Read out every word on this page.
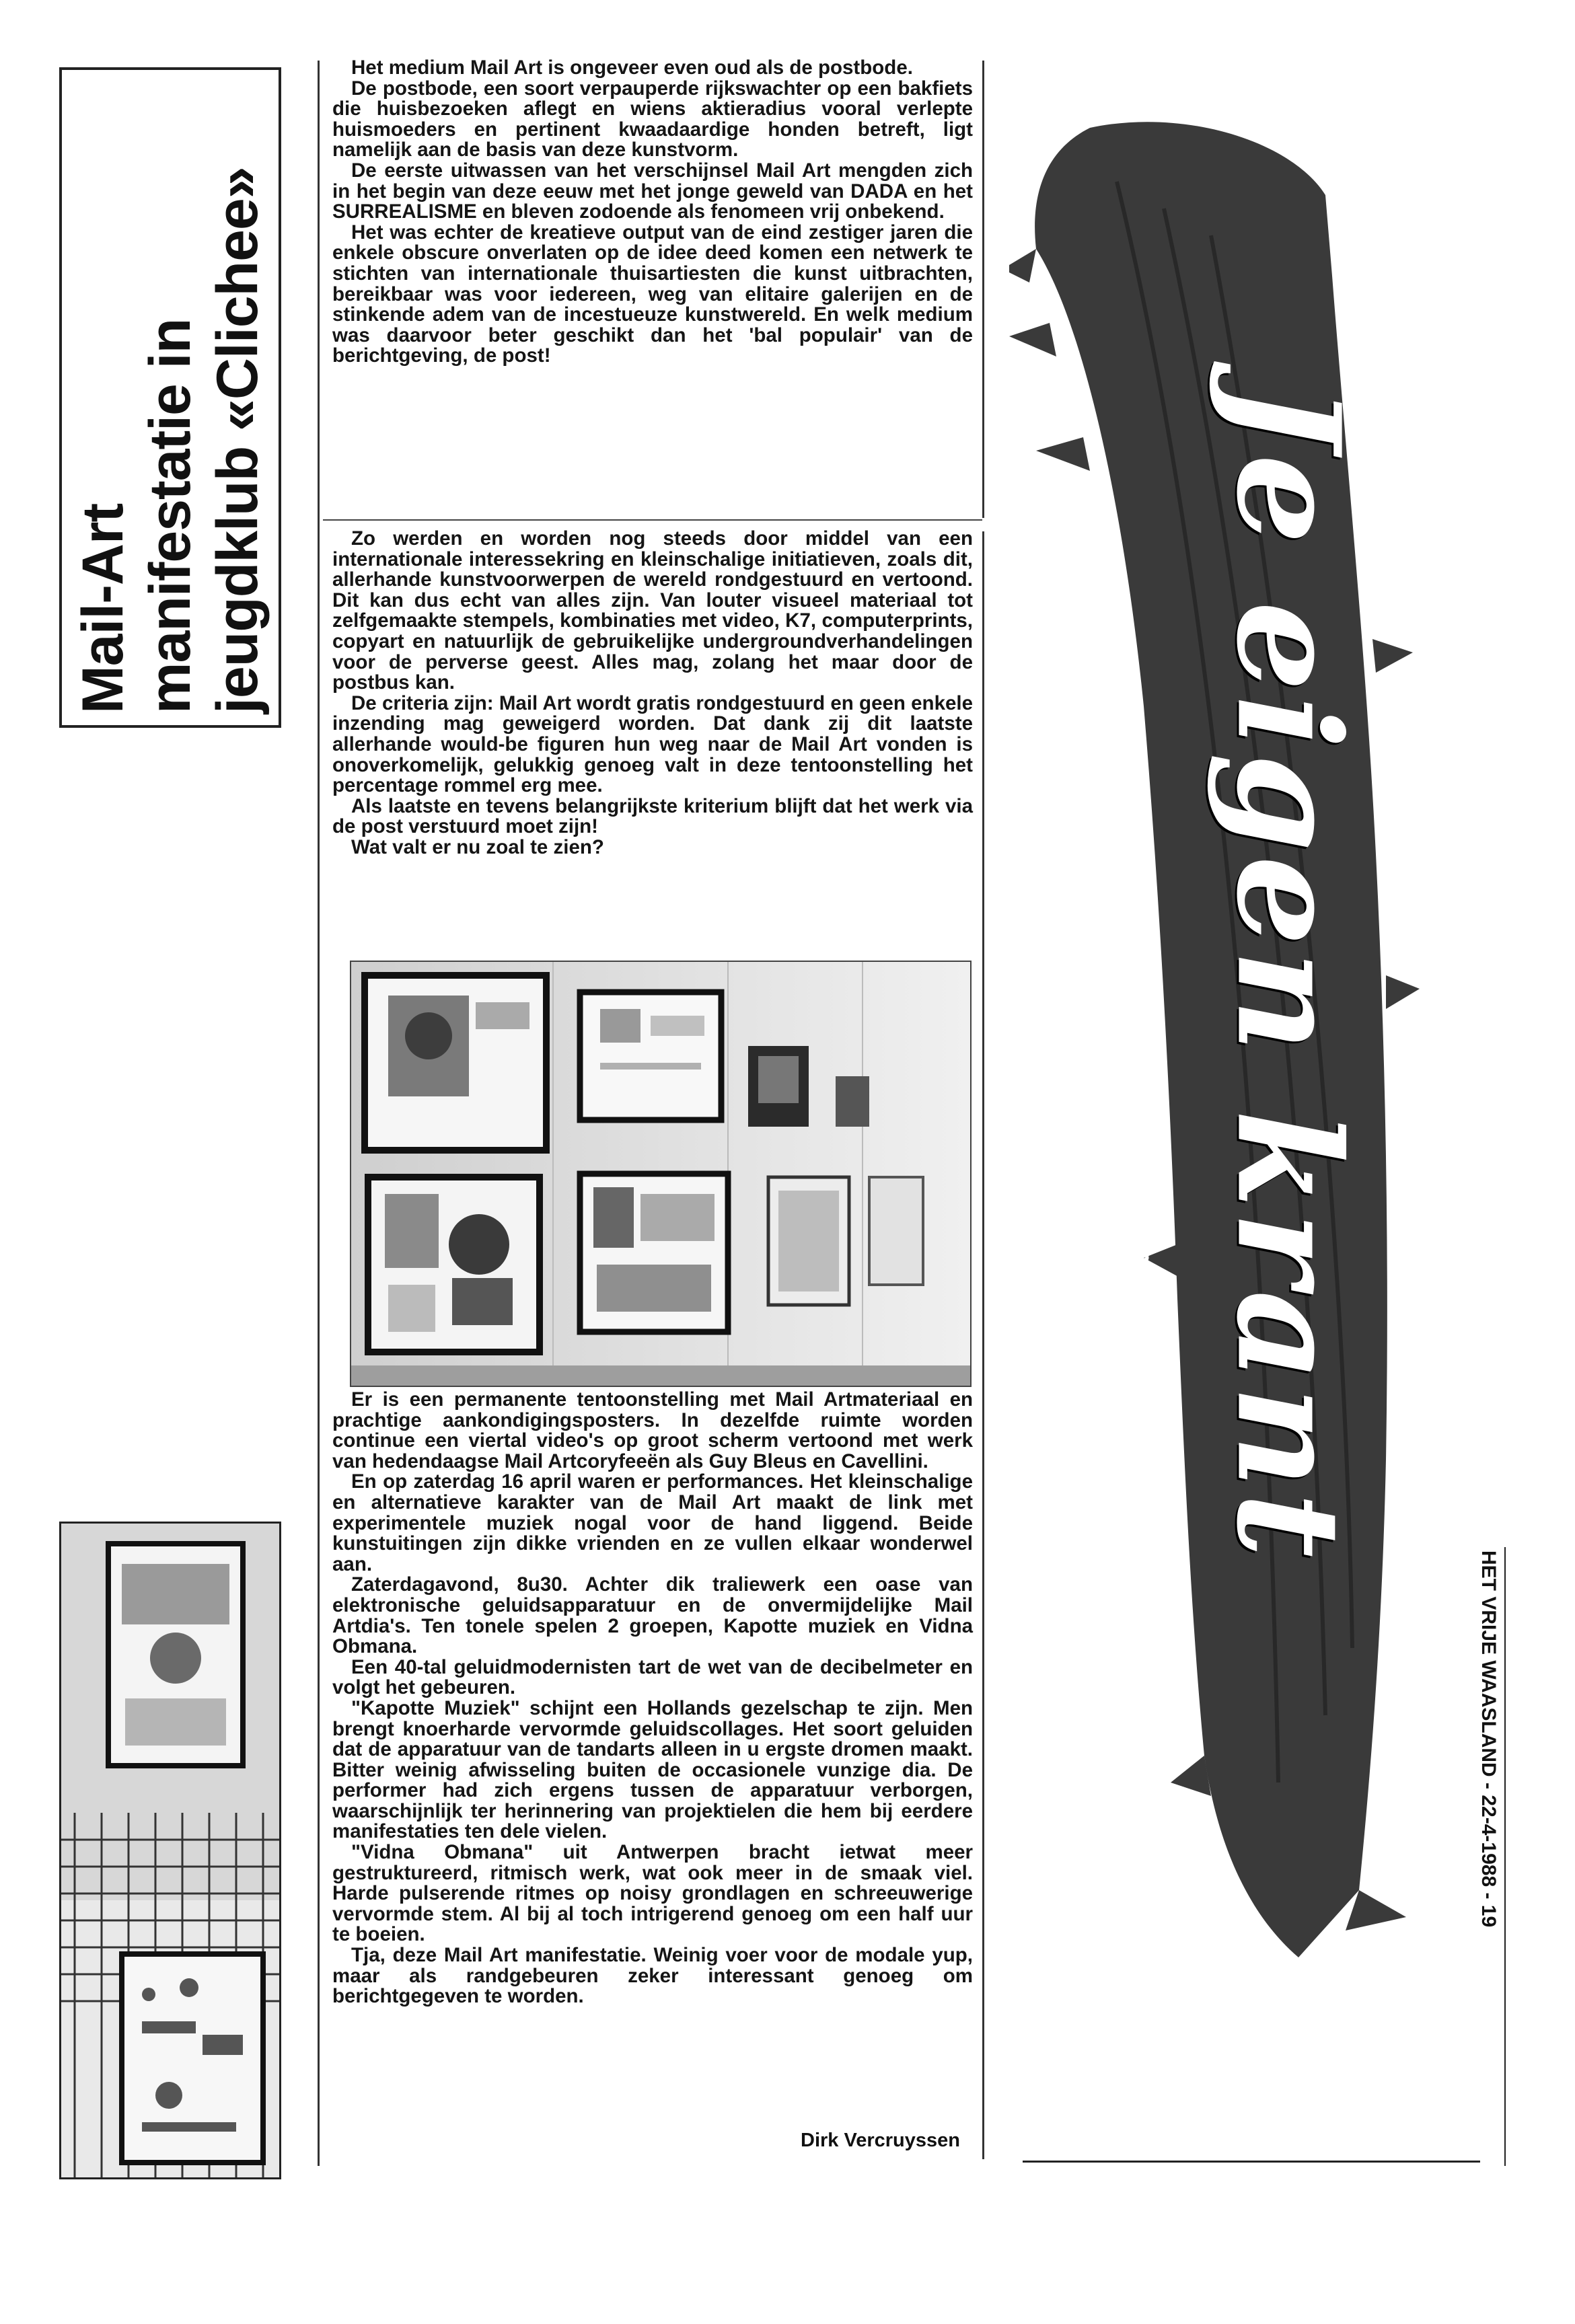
Mail-Art manifestatie in jeugdklub «Clichee»

Het medium Mail Art is ongeveer even oud als de postbode.

De postbode, een soort verpauperde rijkswachter op een bakfiets die huisbezoeken aflegt en wiens aktieradius vooral verlepte huismoeders en pertinent kwaadaardige honden betreft, ligt namelijk aan de basis van deze kunstvorm.

De eerste uitwassen van het verschijnsel Mail Art mengden zich in het begin van deze eeuw met het jonge geweld van DADA en het SURREALISME en bleven zodoende als fenomeen vrij onbekend.

Het was echter de kreatieve output van de eind zestiger jaren die enkele obscure onverlaten op de idee deed komen een netwerk te stichten van internationale thuisartiesten die kunst uitbrachten, bereikbaar was voor iedereen, weg van elitaire galerijen en de stinkende adem van de incestueuze kunstwereld. En welk medium was daarvoor beter geschikt dan het 'bal populair' van de berichtgeving, de post!

Zo werden en worden nog steeds door middel van een internationale interessekring en kleinschalige initiatieven, zoals dit, allerhande kunstvoorwerpen de wereld rondgestuurd en vertoond. Dit kan dus echt van alles zijn. Van louter visueel materiaal tot zelfgemaakte stempels, kombinaties met video, K7, computerprints, copyart en natuurlijk de gebruikelijke undergroundverhandelingen voor de perverse geest. Alles mag, zolang het maar door de postbus kan.

De criteria zijn: Mail Art wordt gratis rondgestuurd en geen enkele inzending mag geweigerd worden. Dat dank zij dit laatste allerhande would-be figuren hun weg naar de Mail Art vonden is onoverkomelijk, gelukkig genoeg valt in deze tentoonstelling het percentage rommel erg mee.

Als laatste en tevens belangrijkste kriterium blijft dat het werk via de post verstuurd moet zijn!

Wat valt er nu zoal te zien?

Er is een permanente tentoonstelling met Mail Artmateriaal en prachtige aankondigingsposters. In dezelfde ruimte worden continue een viertal video's op groot scherm vertoond met werk van hedendaagse Mail Artcoryfeeën als Guy Bleus en Cavellini.

En op zaterdag 16 april waren er performances. Het kleinschalige en alternatieve karakter van de Mail Art maakt de link met experimentele muziek nogal voor de hand liggend. Beide kunstuitingen zijn dikke vrienden en ze vullen elkaar wonderwel aan.

Zaterdagavond, 8u30. Achter dik traliewerk een oase van elektronische geluidsapparatuur en de onvermijdelijke Mail Artdia's. Ten tonele spelen 2 groepen, Kapotte muziek en Vidna Obmana.

Een 40-tal geluidmodernisten tart de wet van de decibelmeter en volgt het gebeuren.

"Kapotte Muziek" schijnt een Hollands gezelschap te zijn. Men brengt knoerharde vervormde geluidscollages. Het soort geluiden dat de apparatuur van de tandarts alleen in u ergste dromen maakt. Bitter weinig afwisseling buiten de occasionele vunzige dia. De performer had zich ergens tussen de apparatuur verborgen, waarschijnlijk ter herinnering van projektielen die hem bij eerdere manifestaties ten dele vielen.

"Vidna Obmana" uit Antwerpen bracht ietwat meer gestruktureerd, ritmisch werk, wat ook meer in de smaak viel. Harde pulserende ritmes op noisy grondlagen en schreeuwerige vervormde stem. Al bij al toch intrigerend genoeg om een half uur te boeien.

Tja, deze Mail Art manifestatie. Weinig voer voor de modale yup, maar als randgebeuren zeker interessant genoeg om berichtgegeven te worden.

Dirk Vercruyssen
Je eigen krant
De jongerenkrant van „Het vrije Waasland"
HET VRIJE WAASLAND - 22-4-1988 - 19
